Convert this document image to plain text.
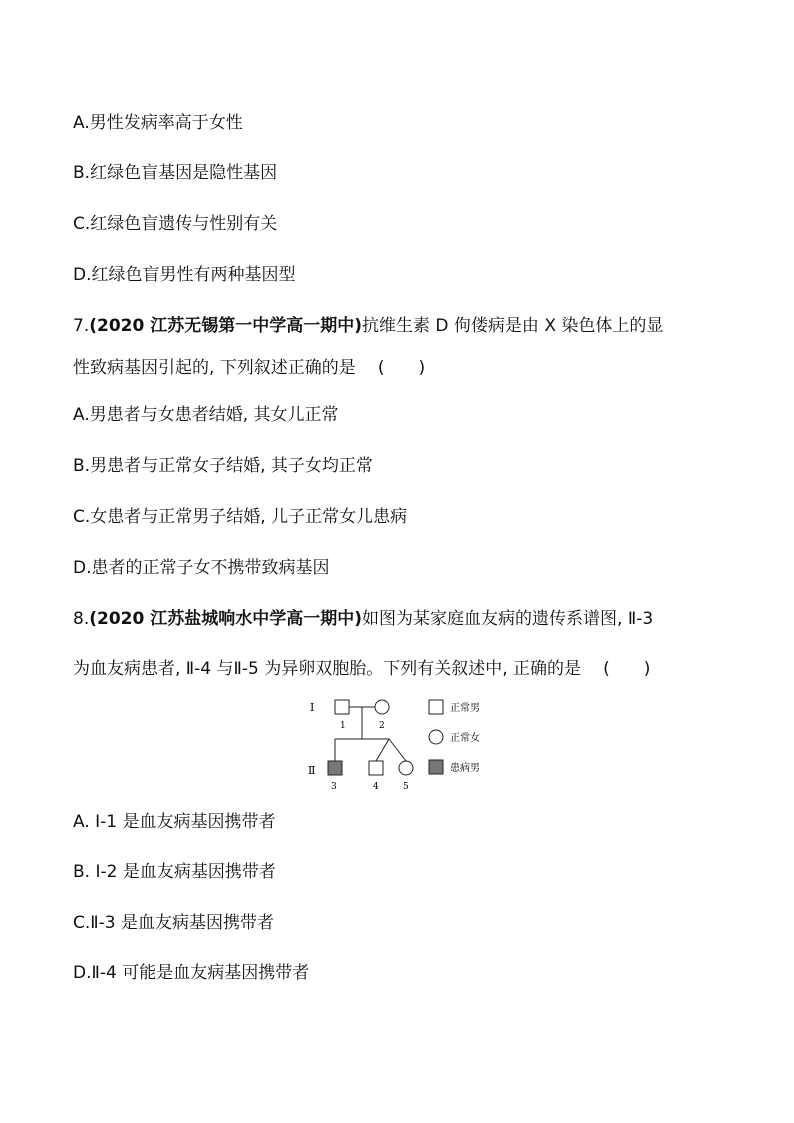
A.男性发病率高于女性
B.红绿色盲基因是隐性基因
C.红绿色盲遗传与性别有关
D.红绿色盲男性有两种基因型
7.(2020 江苏无锡第一中学高一期中)抗维生素 D 佝偻病是由 X 染色体上的显
性致病基因引起的, 下列叙述正确的是 (　　)
A.男患者与女患者结婚, 其女儿正常
B.男患者与正常女子结婚, 其子女均正常
C.女患者与正常男子结婚, 儿子正常女儿患病
D.患者的正常子女不携带致病基因
8.(2020 江苏盐城响水中学高一期中)如图为某家庭血友病的遗传系谱图, Ⅱ-3
为血友病患者, Ⅱ-4 与Ⅱ-5 为异卵双胞胎。下列有关叙述中, 正确的是 (　　)
Ⅰ
1	2
Ⅱ
3	4	5
正常男
正常女
患病男
A. Ⅰ-1 是血友病基因携带者
B. Ⅰ-2 是血友病基因携带者
C.Ⅱ-3 是血友病基因携带者
D.Ⅱ-4 可能是血友病基因携带者
